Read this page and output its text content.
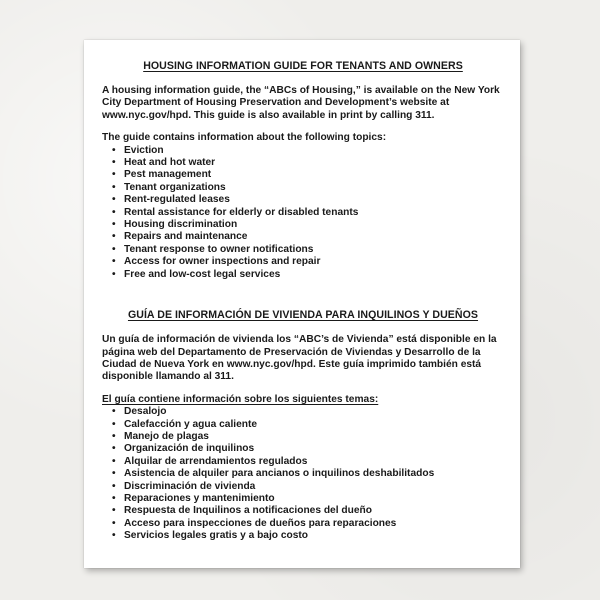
HOUSING INFORMATION GUIDE FOR TENANTS AND OWNERS

A housing information guide, the “ABCs of Housing,” is available on the New York City Department of Housing Preservation and Development’s website at www.nyc.gov/hpd. This guide is also available in print by calling 311.

The guide contains information about the following topics:

• Eviction
• Heat and hot water
• Pest management
• Tenant organizations
• Rent-regulated leases
• Rental assistance for elderly or disabled tenants
• Housing discrimination
• Repairs and maintenance
• Tenant response to owner notifications
• Access for owner inspections and repair
• Free and low-cost legal services
GUÍA DE INFORMACIÓN DE VIVIENDA PARA INQUILINOS Y DUEÑOS

Un guía de información de vivienda los “ABC’s de Vivienda” está disponible en la página web del Departamento de Preservación de Viviendas y Desarrollo de la Ciudad de Nueva York en www.nyc.gov/hpd. Este guía imprimido también está disponible llamando al 311.

El guía contiene información sobre los siguientes temas:

• Desalojo
• Calefacción y agua caliente
• Manejo de plagas
• Organización de inquilinos
• Alquilar de arrendamientos regulados
• Asistencia de alquiler para ancianos o inquilinos deshabilitados
• Discriminación de vivienda
• Reparaciones y mantenimiento
• Respuesta de Inquilinos a notificaciones del dueño
• Acceso para inspecciones de dueños para reparaciones
• Servicios legales gratis y a bajo costo
